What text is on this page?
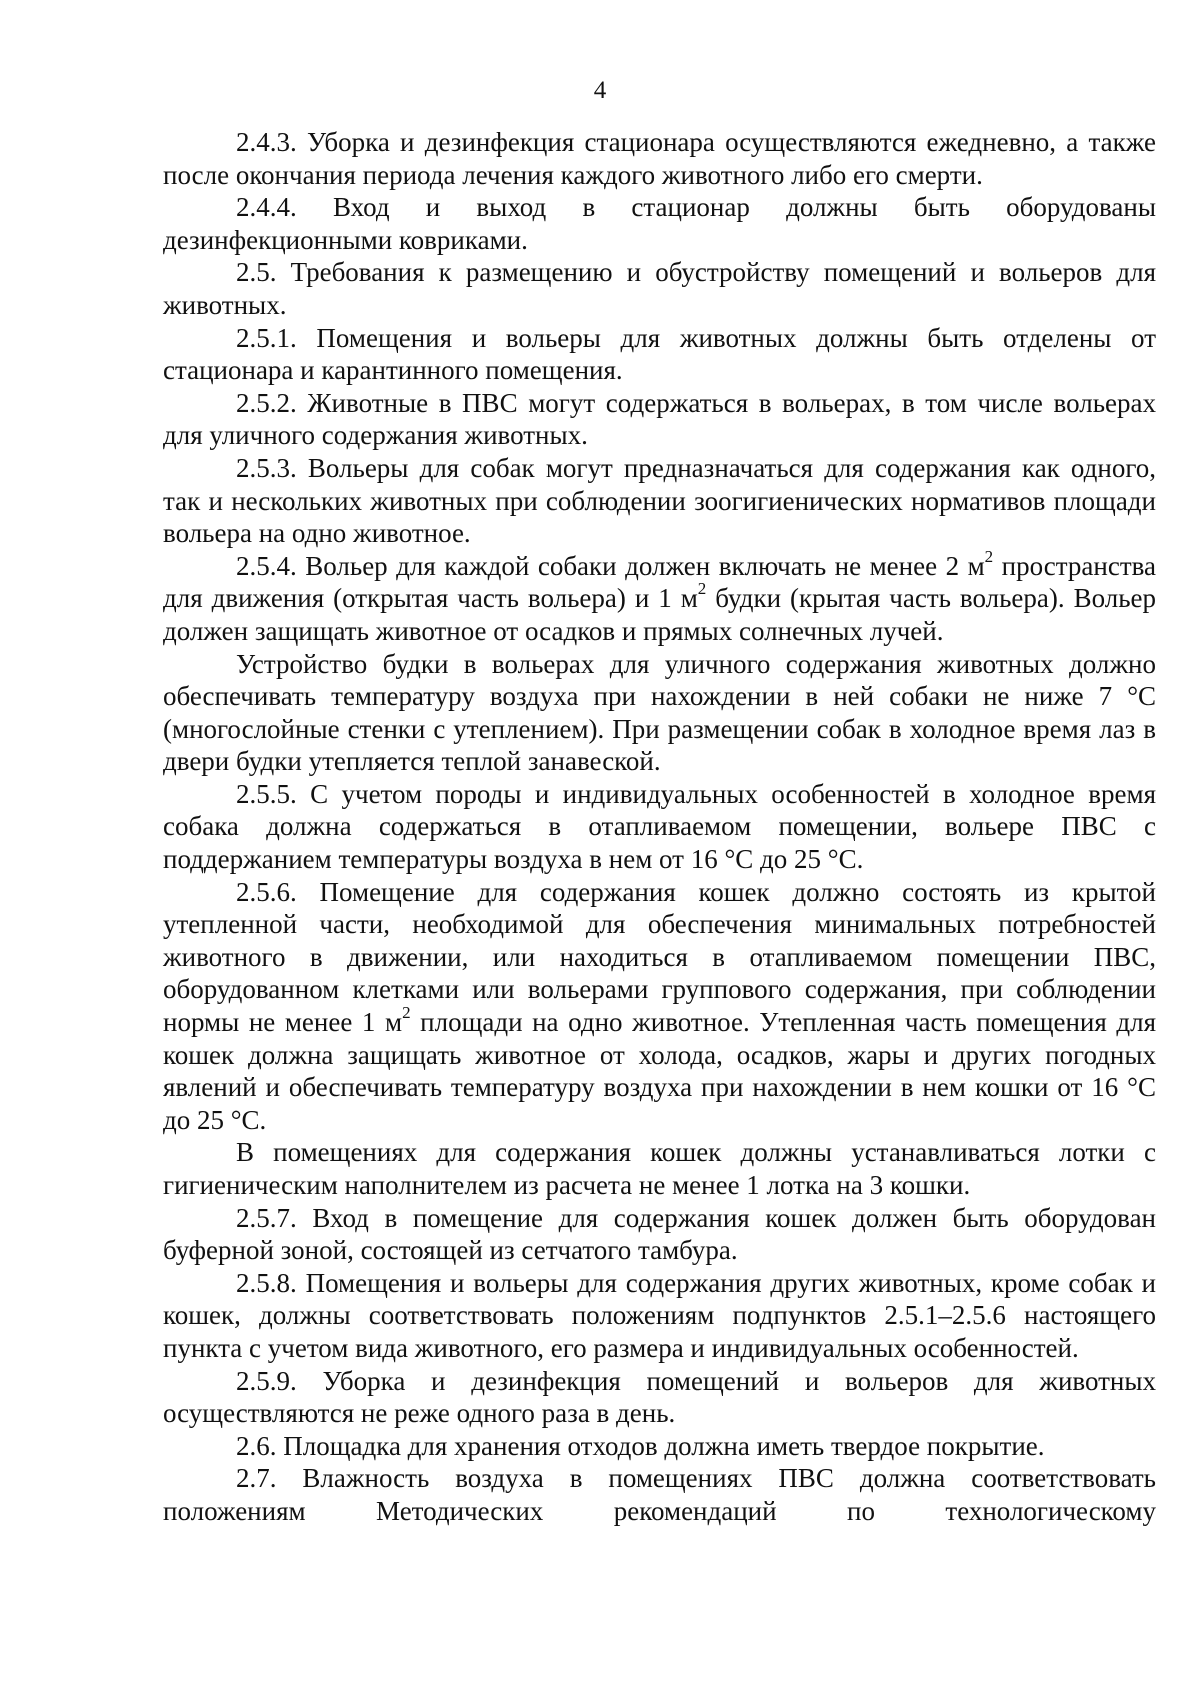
4

2.4.3. Уборка и дезинфекция стационара осуществляются ежедневно, а также после окончания периода лечения каждого животного либо его смерти.

2.4.4. Вход и выход в стационар должны быть оборудованы дезинфекционными ковриками.

2.5. Требования к размещению и обустройству помещений и вольеров для животных.

2.5.1. Помещения и вольеры для животных должны быть отделены от стационара и карантинного помещения.

2.5.2. Животные в ПВС могут содержаться в вольерах, в том числе вольерах для уличного содержания животных.

2.5.3. Вольеры для собак могут предназначаться для содержания как одного, так и нескольких животных при соблюдении зоогигиенических нормативов площади вольера на одно животное.

2.5.4. Вольер для каждой собаки должен включать не менее 2 $м^2$ пространства для движения (открытая часть вольера) и 1 $м^2$ будки (крытая часть вольера). Вольер должен защищать животное от осадков и прямых солнечных лучей.

Устройство будки в вольерах для уличного содержания животных должно обеспечивать температуру воздуха при нахождении в ней собаки не ниже 7 °С (многослойные стенки с утеплением). При размещении собак в холодное время лаз в двери будки утепляется теплой занавеской.

2.5.5. С учетом породы и индивидуальных особенностей в холодное время собака должна содержаться в отапливаемом помещении, вольере ПВС с поддержанием температуры воздуха в нем от 16 °С до 25 °С.

2.5.6. Помещение для содержания кошек должно состоять из крытой утепленной части, необходимой для обеспечения минимальных потребностей животного в движении, или находиться в отапливаемом помещении ПВС, оборудованном клетками или вольерами группового содержания, при соблюдении нормы не менее 1 $м^2$ площади на одно животное. Утепленная часть помещения для кошек должна защищать животное от холода, осадков, жары и других погодных явлений и обеспечивать температуру воздуха при нахождении в нем кошки от 16 °С до 25 °С.

В помещениях для содержания кошек должны устанавливаться лотки с гигиеническим наполнителем из расчета не менее 1 лотка на 3 кошки.

2.5.7. Вход в помещение для содержания кошек должен быть оборудован буферной зоной, состоящей из сетчатого тамбура.

2.5.8. Помещения и вольеры для содержания других животных, кроме собак и кошек, должны соответствовать положениям подпунктов 2.5.1–2.5.6 настоящего пункта с учетом вида животного, его размера и индивидуальных особенностей.

2.5.9. Уборка и дезинфекция помещений и вольеров для животных осуществляются не реже одного раза в день.

2.6. Площадка для хранения отходов должна иметь твердое покрытие.

2.7. Влажность воздуха в помещениях ПВС должна соответствовать положениям Методических рекомендаций по технологическому
